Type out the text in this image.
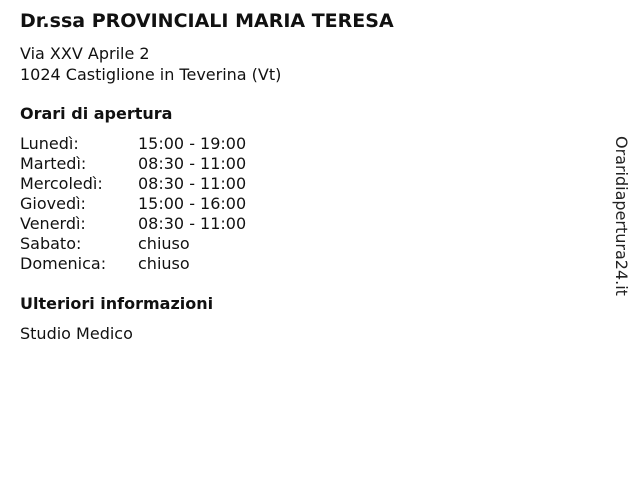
Dr.ssa PROVINCIALI MARIA TERESA
Via XXV Aprile 2
1024 Castiglione in Teverina (Vt)
Orari di apertura
Lunedì:	15:00 - 19:00
Martedì:	08:30 - 11:00
Mercoledì:	08:30 - 11:00
Giovedì:	15:00 - 16:00
Venerdì:	08:30 - 11:00
Sabato:	chiuso
Domenica:	chiuso
Ulteriori informazioni
Studio Medico
Oraridiapertura24.it
